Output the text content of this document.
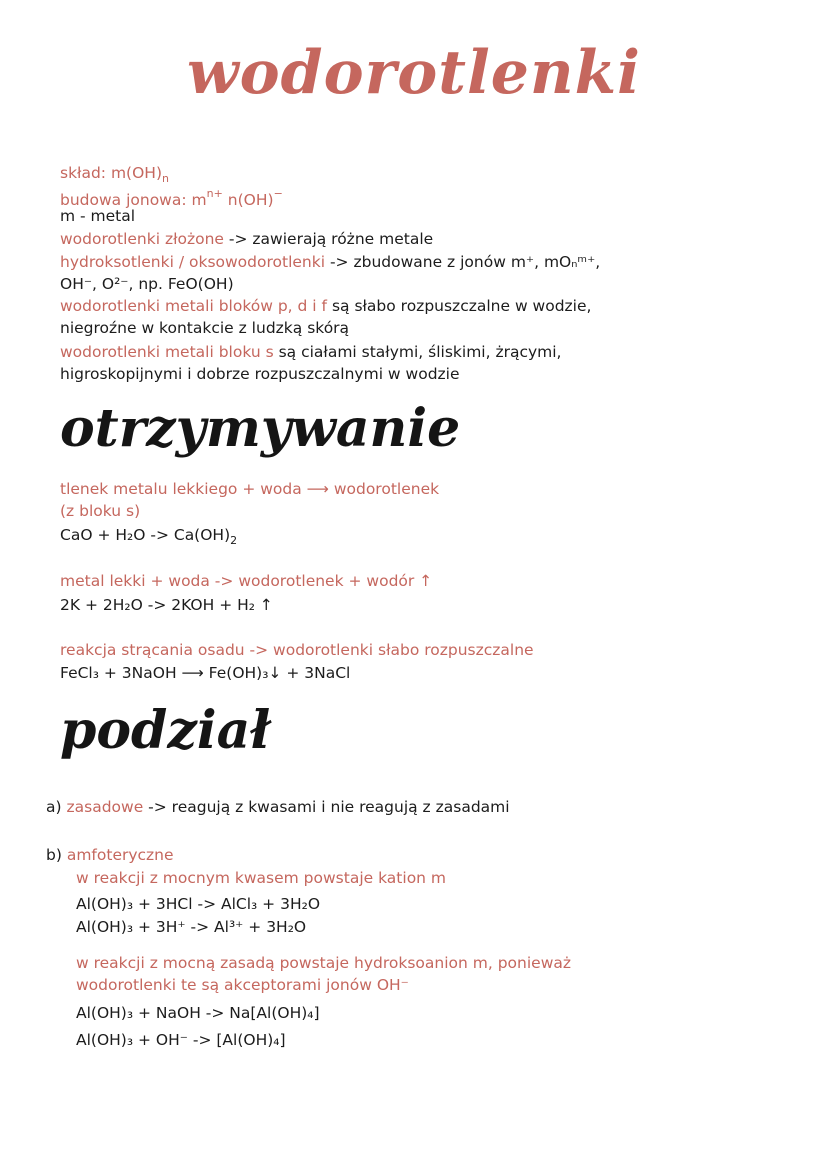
wodorotlenki
skład: $m(OH)_n$
budowa jonowa: $m^{n+}$ n(OH)−
m - metal
wodorotlenki złożone -> zawierają różne metale
hydroksotlenki / oksowodorotlenki -> zbudowane z jonów m⁺, mOₙᵐ⁺,
OH⁻, O²⁻, np. FeO(OH)
wodorotlenki metali bloków p, d i f są słabo rozpuszczalne w wodzie,
niegroźne w kontakcie z ludzką skórą
wodorotlenki metali bloku s są ciałami stałymi, śliskimi, żrącymi,
higroskopijnymi i dobrze rozpuszczalnymi w wodzie
otrzymywanie
tlenek metalu lekkiego + woda ⟶ wodorotlenek
(z bloku s)
CaO + $H_2O -> Ca(OH)_2$
metal lekki + woda -> wodorotlenek + wodór ↑
2K + 2H₂O -> 2KOH + H₂ ↑
reakcja strącania osadu -> wodorotlenki słabo rozpuszczalne
FeCl₃ + 3NaOH ⟶ Fe(OH)₃↓ + 3NaCl
podział
a) zasadowe -> reagują z kwasami i nie reagują z zasadami
b) amfoteryczne
w reakcji z mocnym kwasem powstaje kation m
Al(OH)₃ + 3HCl -> AlCl₃ + 3H₂O
Al(OH)₃ + 3H⁺ -> Al³⁺ + 3H₂O
w reakcji z mocną zasadą powstaje hydroksoanion m, ponieważ
wodorotlenki te są akceptorami jonów OH⁻
Al(OH)₃ + NaOH -> Na[Al(OH)₄]
Al(OH)₃ + OH⁻ -> [Al(OH)₄]
